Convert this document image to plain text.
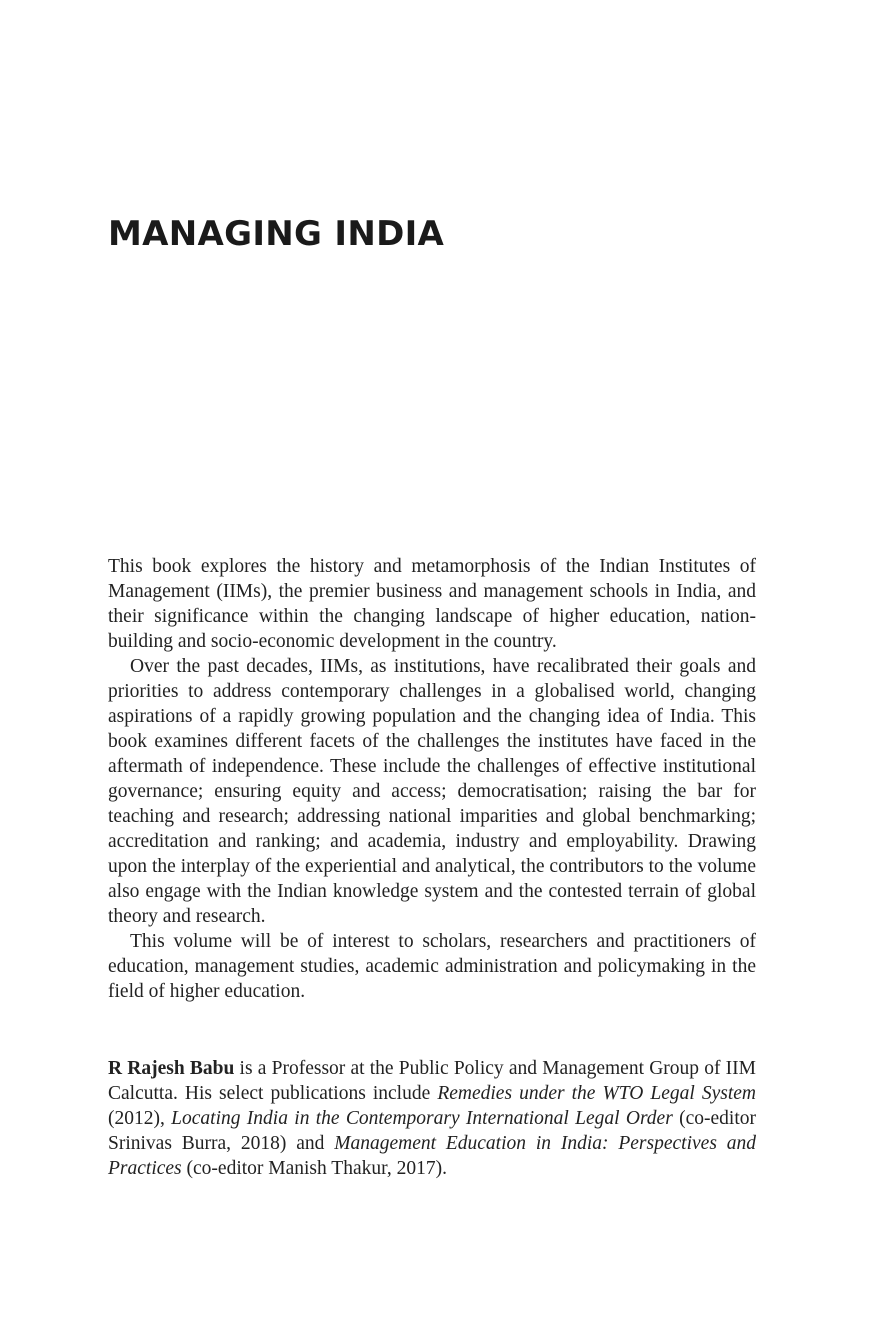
MANAGING INDIA

This book explores the history and metamorphosis of the Indian Institutes of Management (IIMs), the premier business and management schools in India, and their significance within the changing landscape of higher education, nation-building and socio-economic development in the country.

Over the past decades, IIMs, as institutions, have recalibrated their goals and priorities to address contemporary challenges in a globalised world, changing aspirations of a rapidly growing population and the changing idea of India. This book examines different facets of the challenges the institutes have faced in the aftermath of independence. These include the challenges of effective institutional governance; ensuring equity and access; democratisation; raising the bar for teaching and research; addressing national imparities and global benchmarking; accreditation and ranking; and academia, industry and employability. Drawing upon the interplay of the experiential and analytical, the contributors to the volume also engage with the Indian knowledge system and the contested terrain of global theory and research.

This volume will be of interest to scholars, researchers and practitioners of education, management studies, academic administration and policymaking in the field of higher education.

R Rajesh Babu is a Professor at the Public Policy and Management Group of IIM Calcutta. His select publications include Remedies under the WTO Legal System (2012), Locating India in the Contemporary International Legal Order (co-editor Srinivas Burra, 2018) and Management Education in India: Perspectives and Practices (co-editor Manish Thakur, 2017).
